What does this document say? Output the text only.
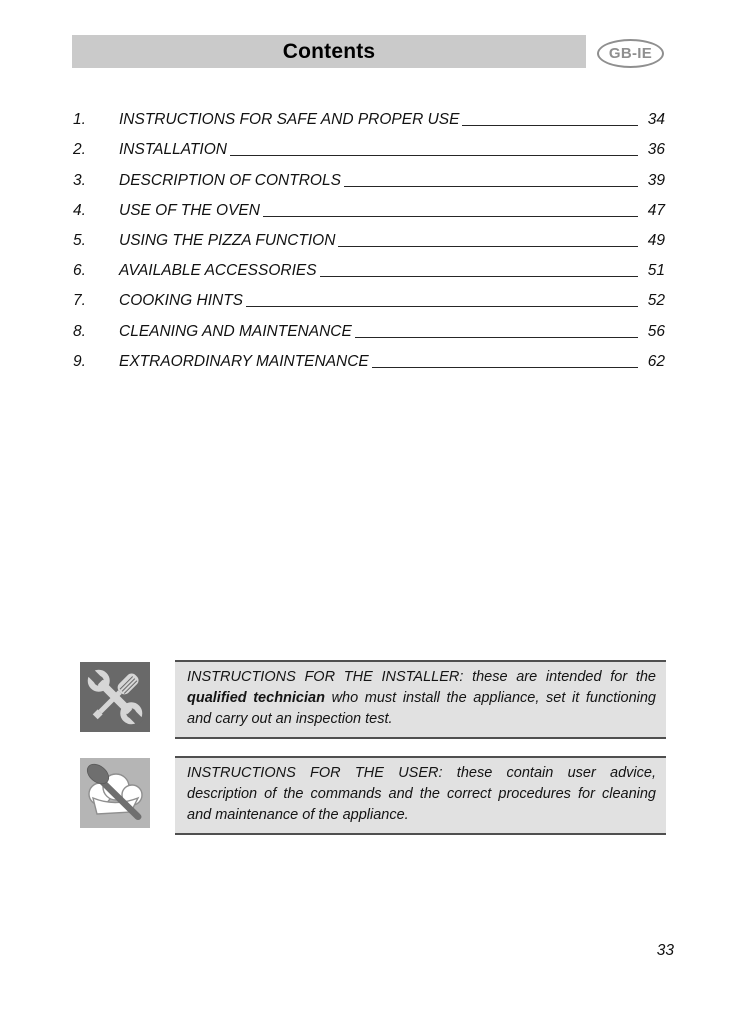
Contents	GB-IE
1.	INSTRUCTIONS FOR SAFE AND PROPER USE	34
2.	INSTALLATION	36
3.	DESCRIPTION OF CONTROLS	39
4.	USE OF THE OVEN	47
5.	USING THE PIZZA FUNCTION	49
6.	AVAILABLE ACCESSORIES	51
7.	COOKING HINTS	52
8.	CLEANING AND MAINTENANCE	56
9.	EXTRAORDINARY MAINTENANCE	62
INSTRUCTIONS FOR THE INSTALLER: these are intended for the qualified technician who must install the appliance, set it functioning and carry out an inspection test.
INSTRUCTIONS FOR THE USER: these contain user advice, description of the commands and the correct procedures for cleaning and maintenance of the appliance.
33
